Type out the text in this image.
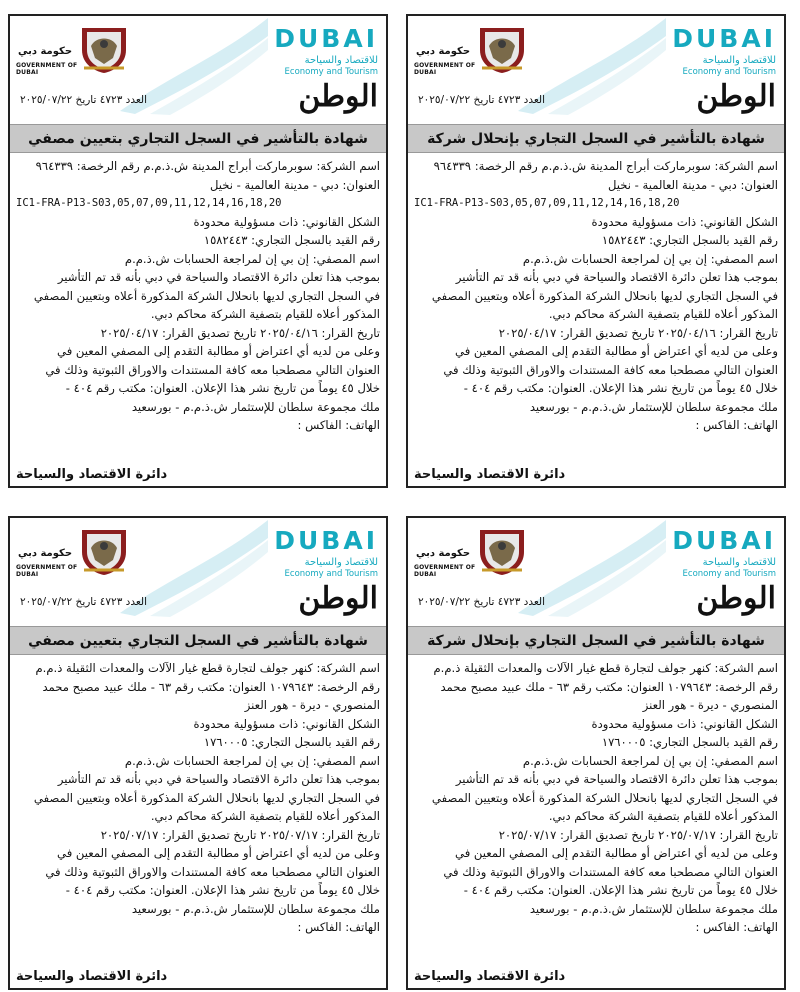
حكومة دبي
GOVERNMENT OF DUBAI
DUBAI
للاقتصاد والسياحة
Economy and Tourism
الوطن
العدد ٤٧٢٣ تاريخ ٢٠٢٥/٠٧/٢٢
شهادة بالتأشير في السجل التجاري بإنحلال شركة
اسم الشركة: سوبرماركت أبراج المدينة ش.ذ.م.م رقم الرخصة: ٩٦٤٣٣٩
العنوان: دبي - مدينة العالمية - نخيل
IC1-FRA-P13-S03,05,07,09,11,12,14,16,18,20
الشكل القانوني: ذات مسؤولية محدودة
رقم القيد بالسجل التجاري: ١٥٨٢٤٤٣
اسم المصفي: إن بي إن لمراجعة الحسابات ش.ذ.م.م
بموجب هذا تعلن دائرة الاقتصاد والسياحة في دبي بأنه قد تم التأشير
في السجل التجاري لديها بانحلال الشركة المذكورة أعلاه وبتعيين المصفي
المذكور أعلاه للقيام بتصفية الشركة محاكم دبي.
تاريخ القرار: ٢٠٢٥/٠٤/١٦ تاريخ تصديق القرار: ٢٠٢٥/٠٤/١٧
وعلى من لديه أي اعتراض أو مطالبة التقدم إلى المصفي المعين في
العنوان التالي مصطحبا معه كافة المستندات والاوراق الثبوتية وذلك في
خلال ٤٥ يوماً من تاريخ نشر هذا الإعلان. العنوان: مكتب رقم ٤٠٤ -
ملك مجموعة سلطان للإستثمار ش.ذ.م.م - بورسعيد
الهاتف: الفاكس :
دائرة الاقتصاد والسياحة
حكومة دبي
GOVERNMENT OF DUBAI
DUBAI
للاقتصاد والسياحة
Economy and Tourism
الوطن
العدد ٤٧٢٣ تاريخ ٢٠٢٥/٠٧/٢٢
شهادة بالتأشير في السجل التجاري بتعيين مصفي
اسم الشركة: سوبرماركت أبراج المدينة ش.ذ.م.م رقم الرخصة: ٩٦٤٣٣٩
العنوان: دبي - مدينة العالمية - نخيل
IC1-FRA-P13-S03,05,07,09,11,12,14,16,18,20
الشكل القانوني: ذات مسؤولية محدودة
رقم القيد بالسجل التجاري: ١٥٨٢٤٤٣
اسم المصفي: إن بي إن لمراجعة الحسابات ش.ذ.م.م
بموجب هذا تعلن دائرة الاقتصاد والسياحة في دبي بأنه قد تم التأشير
في السجل التجاري لديها بانحلال الشركة المذكورة أعلاه وبتعيين المصفي
المذكور أعلاه للقيام بتصفية الشركة محاكم دبي.
تاريخ القرار: ٢٠٢٥/٠٤/١٦ تاريخ تصديق القرار: ٢٠٢٥/٠٤/١٧
وعلى من لديه أي اعتراض أو مطالبة التقدم إلى المصفي المعين في
العنوان التالي مصطحبا معه كافة المستندات والاوراق الثبوتية وذلك في
خلال ٤٥ يوماً من تاريخ نشر هذا الإعلان. العنوان: مكتب رقم ٤٠٤ -
ملك مجموعة سلطان للإستثمار ش.ذ.م.م - بورسعيد
الهاتف: الفاكس :
دائرة الاقتصاد والسياحة
حكومة دبي
GOVERNMENT OF DUBAI
DUBAI
للاقتصاد والسياحة
Economy and Tourism
الوطن
العدد ٤٧٢٣ تاريخ ٢٠٢٥/٠٧/٢٢
شهادة بالتأشير في السجل التجاري بإنحلال شركة
اسم الشركة: كنهر جولف لتجارة قطع غيار الآلات والمعدات الثقيلة ذ.م.م
رقم الرخصة: ١٠٧٩٦٤٣ العنوان: مكتب رقم ٦٣ - ملك عبيد مصبح محمد
المنصوري - ديرة - هور العنز
الشكل القانوني: ذات مسؤولية محدودة
رقم القيد بالسجل التجاري: ١٧٦٠٠٠٥
اسم المصفي: إن بي إن لمراجعة الحسابات ش.ذ.م.م
بموجب هذا تعلن دائرة الاقتصاد والسياحة في دبي بأنه قد تم التأشير
في السجل التجاري لديها بانحلال الشركة المذكورة أعلاه وبتعيين المصفي
المذكور أعلاه للقيام بتصفية الشركة محاكم دبي.
تاريخ القرار: ٢٠٢٥/٠٧/١٧ تاريخ تصديق القرار: ٢٠٢٥/٠٧/١٧
وعلى من لديه أي اعتراض أو مطالبة التقدم إلى المصفي المعين في
العنوان التالي مصطحبا معه كافة المستندات والاوراق الثبوتية وذلك في
خلال ٤٥ يوماً من تاريخ نشر هذا الإعلان. العنوان: مكتب رقم ٤٠٤ -
ملك مجموعة سلطان للإستثمار ش.ذ.م.م - بورسعيد
الهاتف: الفاكس :
دائرة الاقتصاد والسياحة
حكومة دبي
GOVERNMENT OF DUBAI
DUBAI
للاقتصاد والسياحة
Economy and Tourism
الوطن
العدد ٤٧٢٣ تاريخ ٢٠٢٥/٠٧/٢٢
شهادة بالتأشير في السجل التجاري بتعيين مصفي
اسم الشركة: كنهر جولف لتجارة قطع غيار الآلات والمعدات الثقيلة ذ.م.م
رقم الرخصة: ١٠٧٩٦٤٣ العنوان: مكتب رقم ٦٣ - ملك عبيد مصبح محمد
المنصوري - ديرة - هور العنز
الشكل القانوني: ذات مسؤولية محدودة
رقم القيد بالسجل التجاري: ١٧٦٠٠٠٥
اسم المصفي: إن بي إن لمراجعة الحسابات ش.ذ.م.م
بموجب هذا تعلن دائرة الاقتصاد والسياحة في دبي بأنه قد تم التأشير
في السجل التجاري لديها بانحلال الشركة المذكورة أعلاه وبتعيين المصفي
المذكور أعلاه للقيام بتصفية الشركة محاكم دبي.
تاريخ القرار: ٢٠٢٥/٠٧/١٧ تاريخ تصديق القرار: ٢٠٢٥/٠٧/١٧
وعلى من لديه أي اعتراض أو مطالبة التقدم إلى المصفي المعين في
العنوان التالي مصطحبا معه كافة المستندات والاوراق الثبوتية وذلك في
خلال ٤٥ يوماً من تاريخ نشر هذا الإعلان. العنوان: مكتب رقم ٤٠٤ -
ملك مجموعة سلطان للإستثمار ش.ذ.م.م - بورسعيد
الهاتف: الفاكس :
دائرة الاقتصاد والسياحة
